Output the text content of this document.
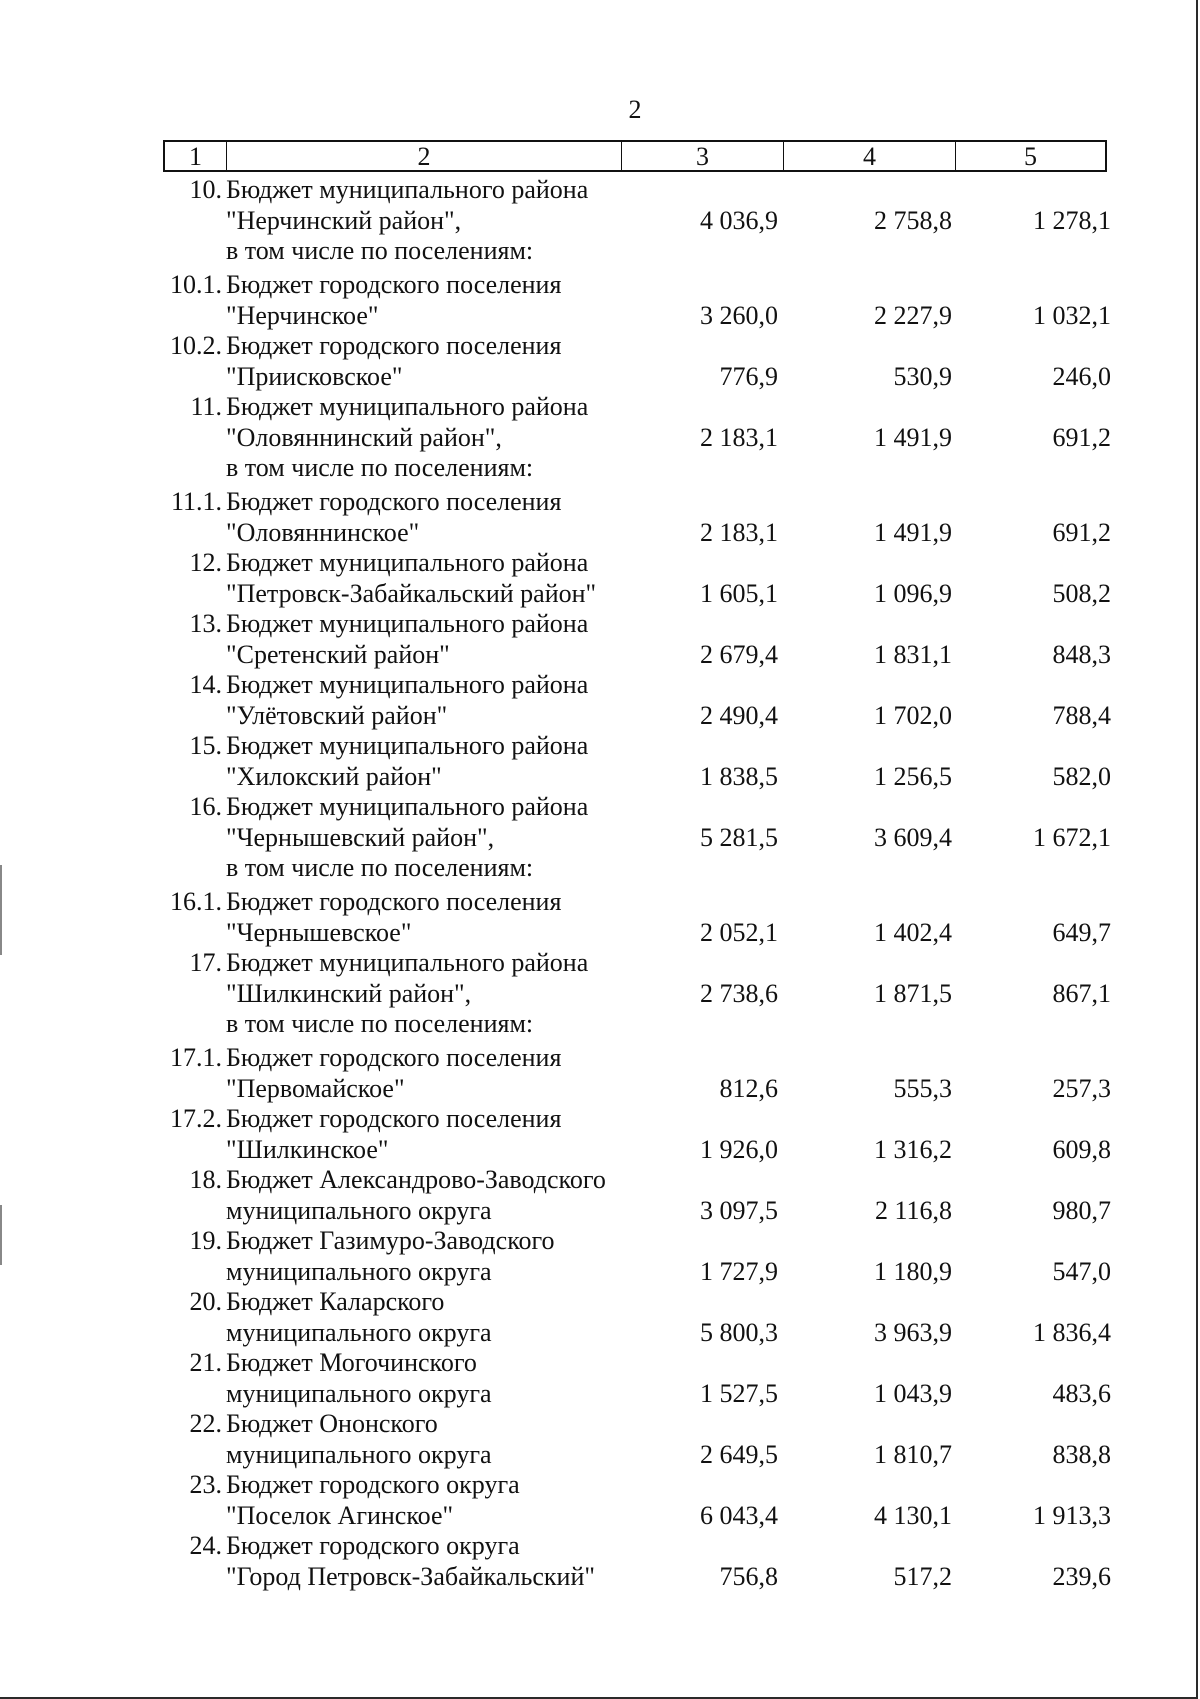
2
1	2	3	4	5
10. Бюджет муниципального района
"Нерчинский район",
в том числе по поселениям:
4 036,9	2 758,8	1 278,1
10.1. Бюджет городского поселения
"Нерчинское"	3 260,0	2 227,9	1 032,1
10.2. Бюджет городского поселения
"Приисковское"	776,9	530,9	246,0
11. Бюджет муниципального района
"Оловяннинский район",
в том числе по поселениям:
2 183,1	1 491,9	691,2
11.1. Бюджет городского поселения
"Оловяннинское"	2 183,1	1 491,9	691,2
12. Бюджет муниципального района
"Петровск-Забайкальский район"	1 605,1	1 096,9	508,2
13. Бюджет муниципального района
"Сретенский район"	2 679,4	1 831,1	848,3
14. Бюджет муниципального района
"Улётовский район"	2 490,4	1 702,0	788,4
15. Бюджет муниципального района
"Хилокский район"	1 838,5	1 256,5	582,0
16. Бюджет муниципального района
"Чернышевский район",
в том числе по поселениям:
5 281,5	3 609,4	1 672,1
16.1. Бюджет городского поселения
"Чернышевское"	2 052,1	1 402,4	649,7
17. Бюджет муниципального района
"Шилкинский район",
в том числе по поселениям:
2 738,6	1 871,5	867,1
17.1. Бюджет городского поселения
"Первомайское"	812,6	555,3	257,3
17.2. Бюджет городского поселения
"Шилкинское"	1 926,0	1 316,2	609,8
18. Бюджет Александрово-Заводского
муниципального округа	3 097,5	2 116,8	980,7
19. Бюджет Газимуро-Заводского
муниципального округа	1 727,9	1 180,9	547,0
20. Бюджет Каларского
муниципального округа	5 800,3	3 963,9	1 836,4
21. Бюджет Могочинского
муниципального округа	1 527,5	1 043,9	483,6
22. Бюджет Ононского
муниципального округа	2 649,5	1 810,7	838,8
23. Бюджет городского округа
"Поселок Агинское"	6 043,4	4 130,1	1 913,3
24. Бюджет городского округа
"Город Петровск-Забайкальский"	756,8	517,2	239,6
